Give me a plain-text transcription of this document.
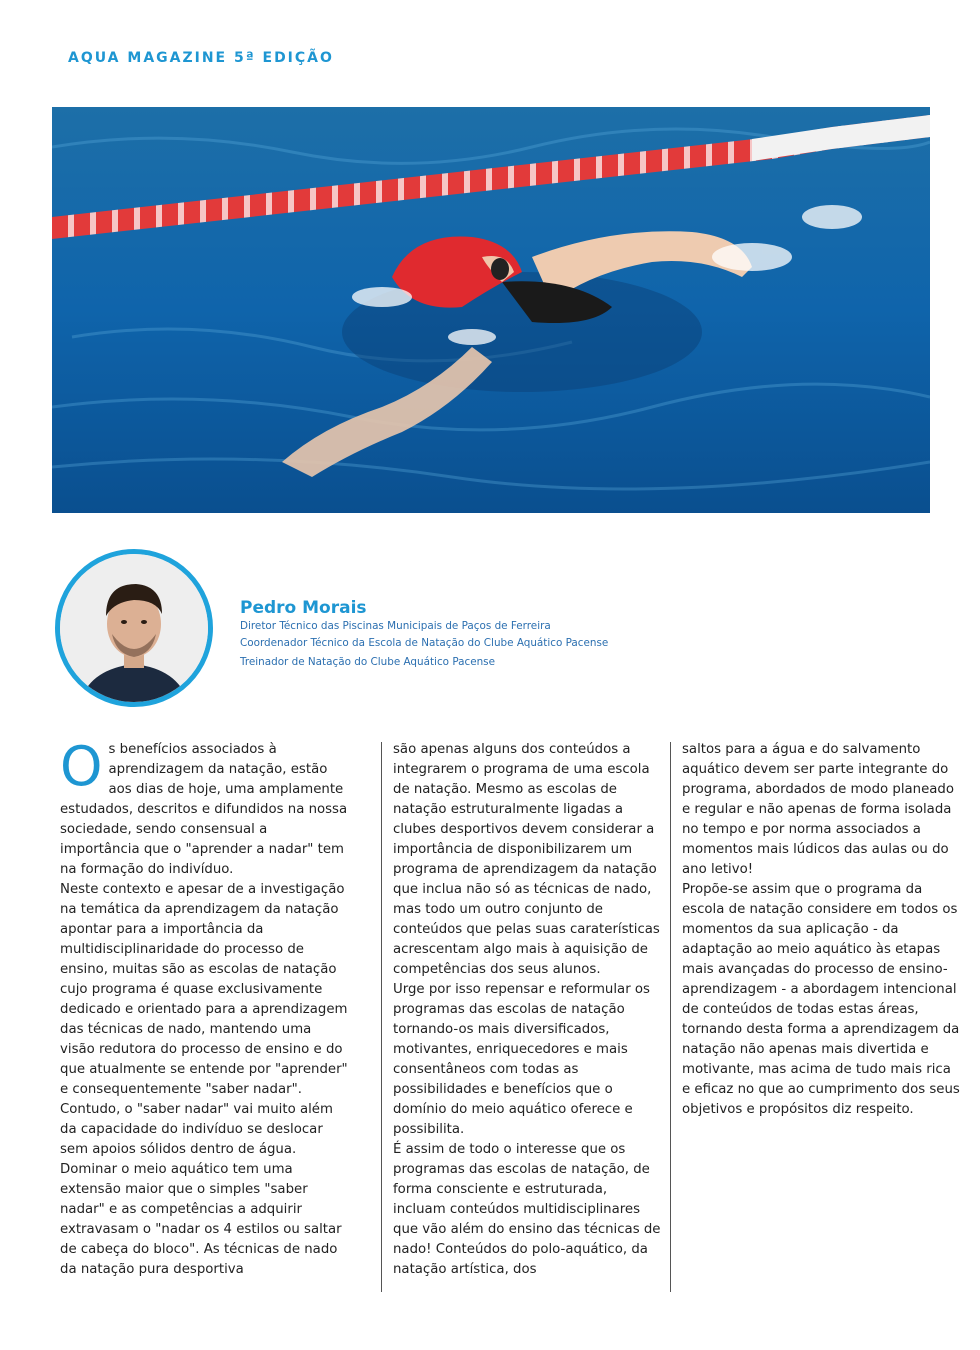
AQUA MAGAZINE 5ª EDIÇÃO
Pedro Morais
Diretor Técnico das Piscinas Municipais de Paços de Ferreira
Coordenador Técnico da Escola de Natação do Clube Aquático Pacense
Treinador de Natação do Clube Aquático Pacense

Os benefícios associados à aprendizagem da natação, estão aos dias de hoje, uma amplamente estudados, descritos e difundidos na nossa sociedade, sendo consensual a importância que o "aprender a nadar" tem na formação do indivíduo.

Neste contexto e apesar de a investigação na temática da aprendizagem da natação apontar para a importância da multidisciplinaridade do processo de ensino, muitas são as escolas de natação cujo programa é quase exclusivamente dedicado e orientado para a aprendizagem das técnicas de nado, mantendo uma visão redutora do processo de ensino e do que atualmente se entende por "aprender" e consequentemente "saber nadar".

Contudo, o "saber nadar" vai muito além da capacidade do indivíduo se deslocar sem apoios sólidos dentro de água. Dominar o meio aquático tem uma extensão maior que o simples "saber nadar" e as competências a adquirir extravasam o "nadar os 4 estilos ou saltar de cabeça do bloco". As técnicas de nado da natação pura desportiva

são apenas alguns dos conteúdos a integrarem o programa de uma escola de natação. Mesmo as escolas de natação estruturalmente ligadas a clubes desportivos devem considerar a importância de disponibilizarem um programa de aprendizagem da natação que inclua não só as técnicas de nado, mas todo um outro conjunto de conteúdos que pelas suas caraterísticas acrescentam algo mais à aquisição de competências dos seus alunos.

Urge por isso repensar e reformular os programas das escolas de natação tornando-os mais diversificados, motivantes, enriquecedores e mais consentâneos com todas as possibilidades e benefícios que o domínio do meio aquático oferece e possibilita.

É assim de todo o interesse que os programas das escolas de natação, de forma consciente e estruturada, incluam conteúdos multidisciplinares que vão além do ensino das técnicas de nado! Conteúdos do polo-aquático, da natação artística, dos

saltos para a água e do salvamento aquático devem ser parte integrante do programa, abordados de modo planeado e regular e não apenas de forma isolada no tempo e por norma associados a momentos mais lúdicos das aulas ou do ano letivo!

Propõe-se assim que o programa da escola de natação considere em todos os momentos da sua aplicação - da adaptação ao meio aquático às etapas mais avançadas do processo de ensino-aprendizagem - a abordagem intencional de conteúdos de todas estas áreas, tornando desta forma a aprendizagem da natação não apenas mais divertida e motivante, mas acima de tudo mais rica e eficaz no que ao cumprimento dos seus objetivos e propósitos diz respeito.
